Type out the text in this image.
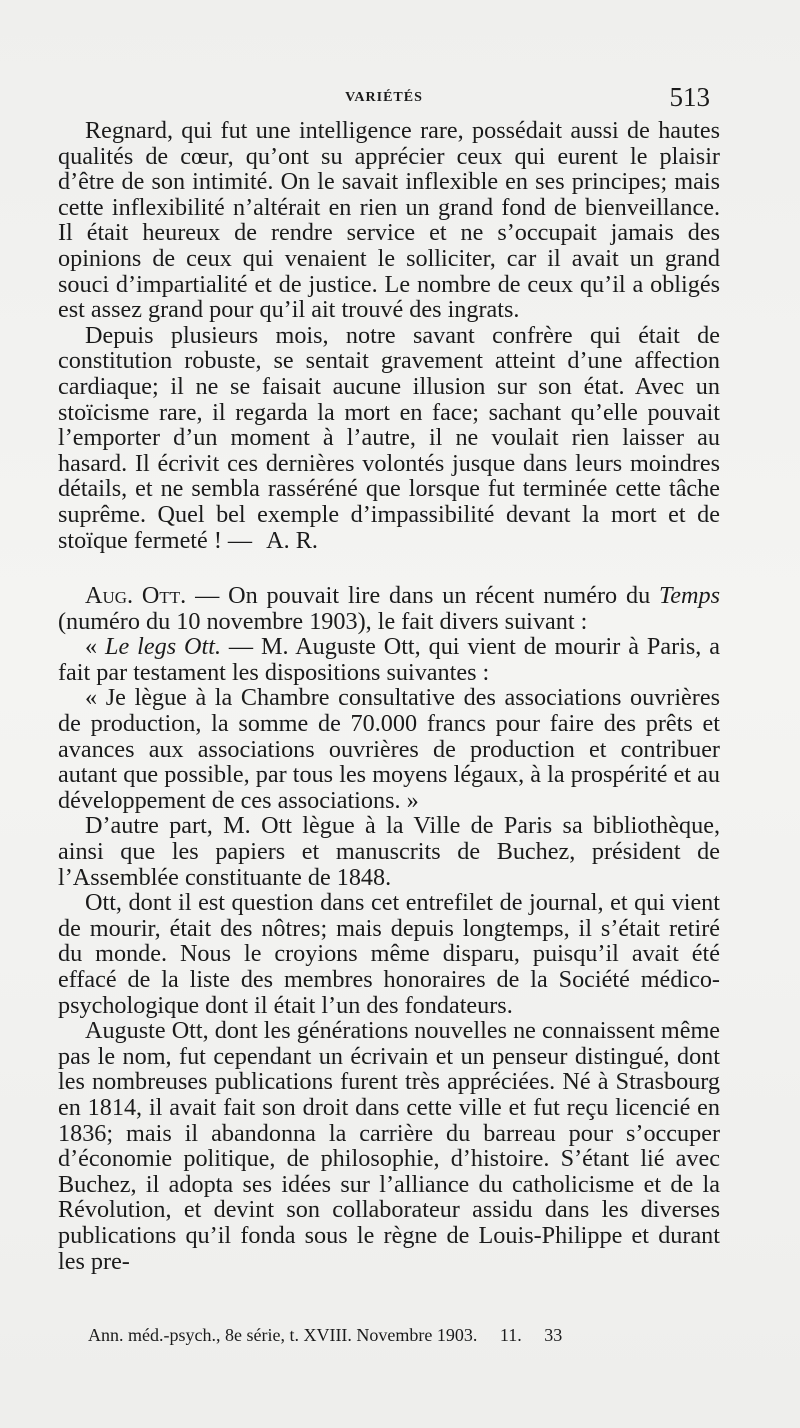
VARIÉTÉS	513

Regnard, qui fut une intelligence rare, possédait aussi de hautes qualités de cœur, qu’ont su apprécier ceux qui eurent le plaisir d’être de son intimité. On le savait inflexible en ses principes; mais cette inflexibilité n’altérait en rien un grand fond de bienveillance. Il était heureux de rendre service et ne s’occupait jamais des opinions de ceux qui venaient le solliciter, car il avait un grand souci d’impartialité et de justice. Le nombre de ceux qu’il a obligés est assez grand pour qu’il ait trouvé des ingrats.

Depuis plusieurs mois, notre savant confrère qui était de constitution robuste, se sentait gravement atteint d’une affection cardiaque; il ne se faisait aucune illusion sur son état. Avec un stoïcisme rare, il regarda la mort en face; sachant qu’elle pouvait l’emporter d’un moment à l’autre, il ne voulait rien laisser au hasard. Il écrivit ces dernières volontés jusque dans leurs moindres détails, et ne sembla rasséréné que lorsque fut terminée cette tâche suprême. Quel bel exemple d’impassibilité devant la mort et de stoïque fermeté ! — A. R.

Aug. Ott. — On pouvait lire dans un récent numéro du Temps (numéro du 10 novembre 1903), le fait divers suivant :

« Le legs Ott. — M. Auguste Ott, qui vient de mourir à Paris, a fait par testament les dispositions suivantes :

« Je lègue à la Chambre consultative des associations ouvrières de production, la somme de 70.000 francs pour faire des prêts et avances aux associations ouvrières de production et contribuer autant que possible, par tous les moyens légaux, à la prospérité et au développement de ces associations. »

D’autre part, M. Ott lègue à la Ville de Paris sa bibliothèque, ainsi que les papiers et manuscrits de Buchez, président de l’Assemblée constituante de 1848.

Ott, dont il est question dans cet entrefilet de journal, et qui vient de mourir, était des nôtres; mais depuis longtemps, il s’était retiré du monde. Nous le croyions même disparu, puisqu’il avait été effacé de la liste des membres honoraires de la Société médico-psychologique dont il était l’un des fondateurs.

Auguste Ott, dont les générations nouvelles ne connaissent même pas le nom, fut cependant un écrivain et un penseur distingué, dont les nombreuses publications furent très appréciées. Né à Strasbourg en 1814, il avait fait son droit dans cette ville et fut reçu licencié en 1836; mais il abandonna la carrière du barreau pour s’occuper d’économie politique, de philosophie, d’histoire. S’étant lié avec Buchez, il adopta ses idées sur l’alliance du catholicisme et de la Révolution, et devint son collaborateur assidu dans les diverses publications qu’il fonda sous le règne de Louis-Philippe et durant les pre-

Ann. méd.-psych., 8e série, t. XVIII. Novembre 1903. 11. 33
